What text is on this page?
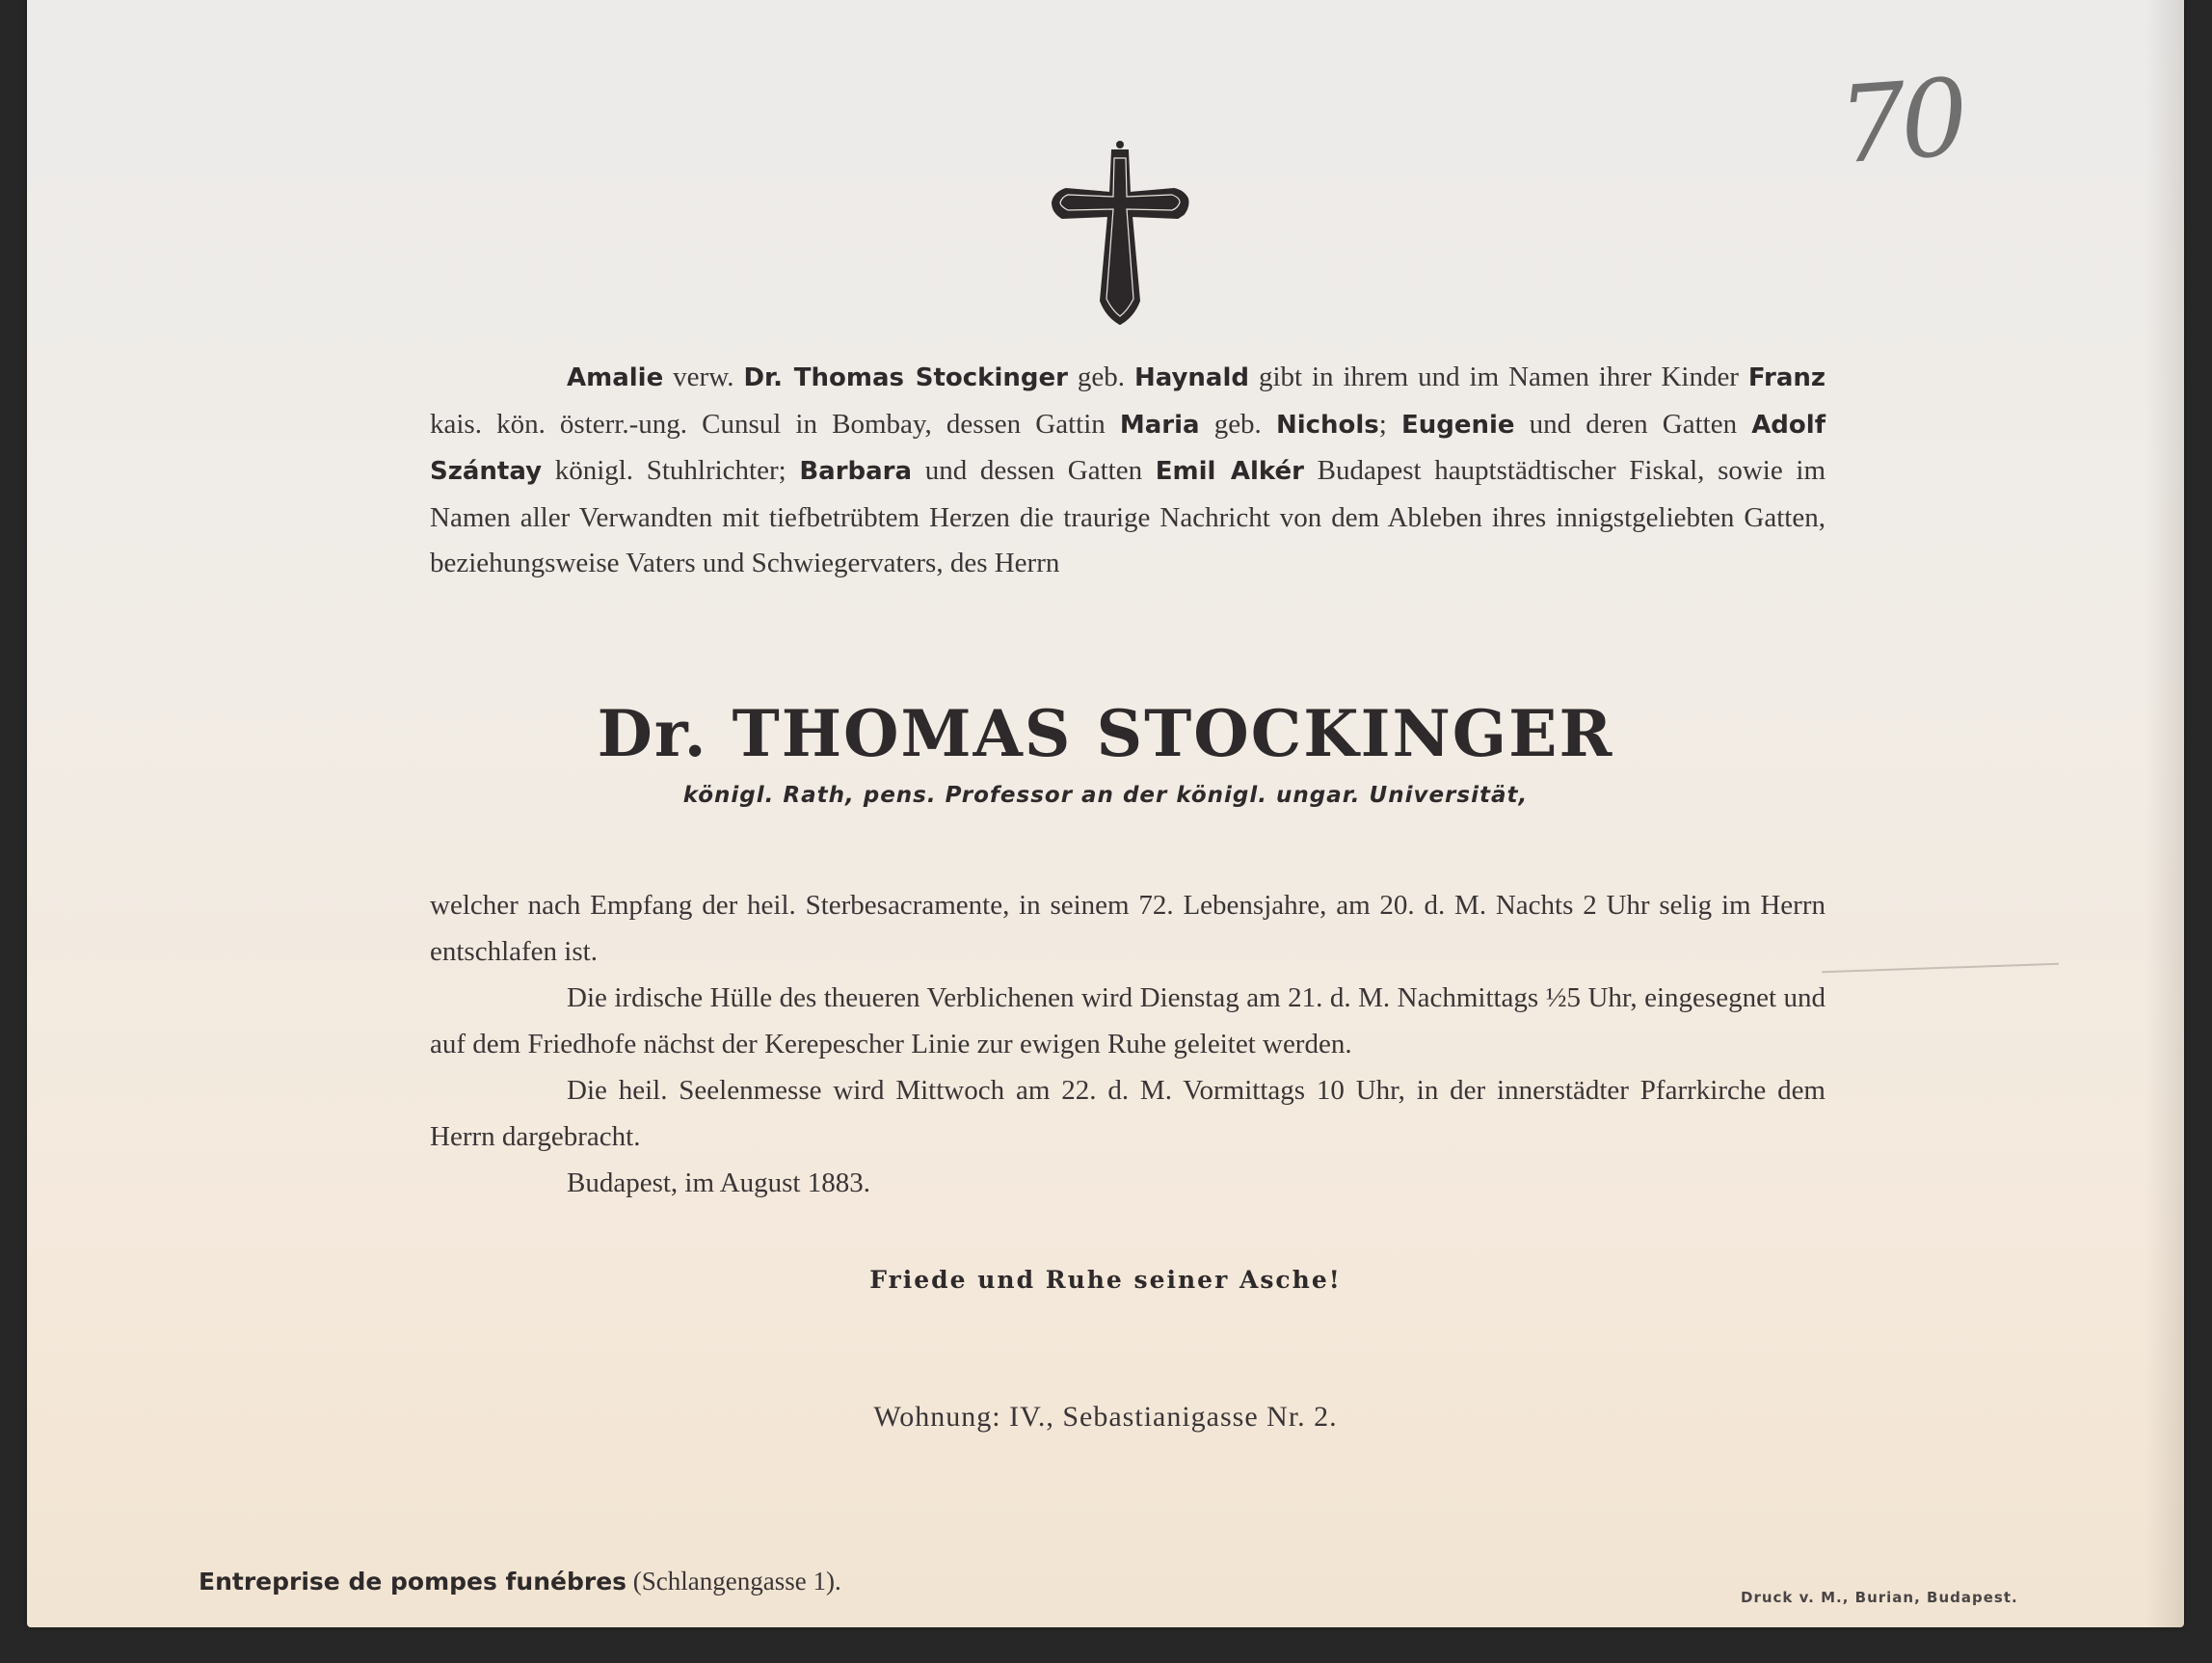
70

Amalie verw. Dr. Thomas Stockinger geb. Haynald gibt in ihrem und im Namen ihrer Kinder Franz kais. kön. österr.-ung. Cunsul in Bombay, dessen Gattin Maria geb. Nichols; Eugenie und deren Gatten Adolf Szántay königl. Stuhlrichter; Barbara und dessen Gatten Emil Alkér Budapest hauptstädtischer Fiskal, sowie im Namen aller Verwandten mit tiefbetrübtem Herzen die traurige Nachricht von dem Ableben ihres innigstgeliebten Gatten, beziehungsweise Vaters und Schwiegervaters, des Herrn

Dr. THOMAS STOCKINGER
königl. Rath, pens. Professor an der königl. ungar. Universität,

welcher nach Empfang der heil. Sterbesacramente, in seinem 72. Lebensjahre, am 20. d. M. Nachts 2 Uhr selig im Herrn entschlafen ist.

Die irdische Hülle des theueren Verblichenen wird Dienstag am 21. d. M. Nachmittags ½5 Uhr, eingesegnet und auf dem Friedhofe nächst der Kerepescher Linie zur ewigen Ruhe geleitet werden.

Die heil. Seelenmesse wird Mittwoch am 22. d. M. Vormittags 10 Uhr, in der innerstädter Pfarrkirche dem Herrn dargebracht.

Budapest, im August 1883.

Friede und Ruhe seiner Asche!
Wohnung: IV., Sebastianigasse Nr. 2.
Entreprise de pompes funébres (Schlangengasse 1).
Druck v. M., Burian, Budapest.
